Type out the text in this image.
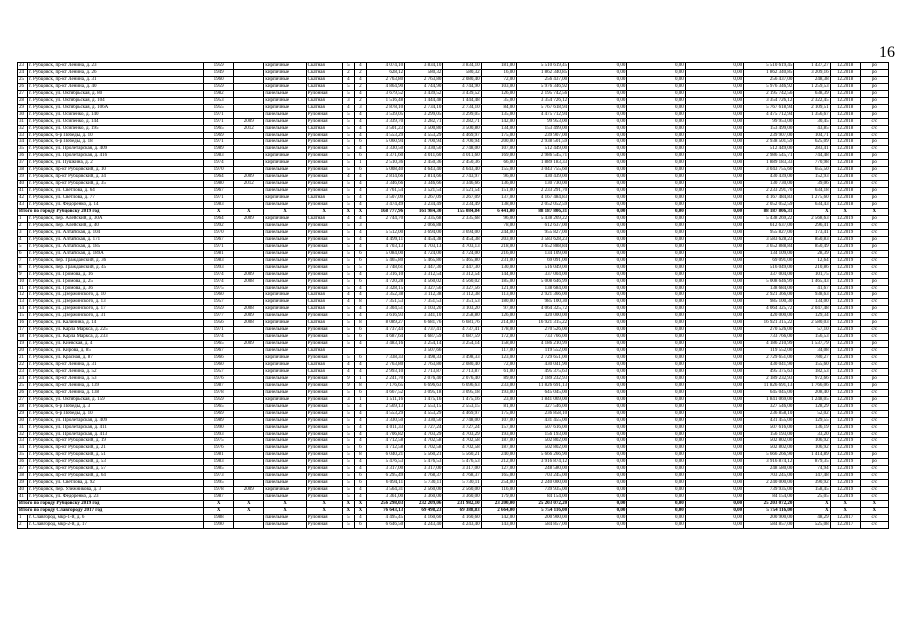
16
23	г. Рубцовск, пр-кт Ленина, д. 23	1959		кирпичные	Скатная	5	4	4 074,10	3 834,10	3 834,10	181,00	5 510 619,45	0,00	0,00	0,00	5 510 619,45	1 437,27	12.2018	ро
24	г. Рубцовск, пр-кт Ленина, д. 26	1949		кирпичные	Скатная	2	2	628,12	580,32	580,32	16,00	1 862 340,85	0,00	0,00	0,00	1 862 340,85	3 209,16	12.2018	ро
25	г. Рубцовск, пр-кт Ленина, д. 31	1960		кирпичные	Скатная	4	4	2 763,80	2 763,80	2 080,40	72,00	256 437,00	0,00	0,00	0,00	256 437,00	248,38	12.2018	ро
26	г. Рубцовск, пр-кт Ленина, д. 40	1959		кирпичные	Скатная	5	2	4 864,90	4 744,90	4 744,90	103,00	5 976 346,92	0,00	0,00	0,00	5 976 346,92	1 259,53	12.2018	ро
27	г. Рубцовск, ул. Октябрьская, д. 80	1982		панельные	Рулонная	5	4	3 679,52	3 439,52	3 439,52	126,00	2 195 742,56	0,00	0,00	0,00	2 195 742,56	638,39	12.2018	ро
28	г. Рубцовск, ул. Октябрьская, д. 104	1953		кирпичные	Скатная	3	2	1 516,48	1 444,48	1 444,48	35,00	3 354 726,12	0,00	0,00	0,00	3 354 726,12	2 322,45	12.2018	ро
29	г. Рубцовск, ул. Октябрьская, д. 106А	1955		кирпичные	Скатная	4	3	2 878,10	2 734,10	2 734,10	84,00	5 767 618,94	0,00	0,00	0,00	5 767 618,94	2 109,51	12.2018	ро
30	г. Рубцовск, ул. Осипенко, д. 140	1971		панельные	Рулонная	5	4	3 539,05	3 299,05	3 299,05	135,00	4 475 712,94	0,00	0,00	0,00	4 475 712,94	1 356,67	12.2018	ро
31	г. Рубцовск, ул. Осипенко, д. 144	1971	2009	панельные	Рулонная	5	4	3 339,70	3 282,71	3 282,71	142,00	99 953,00	0,00	0,00	0,00	99 953,00	30,45	12.2018	с/с
32	г. Рубцовск, ул. Осипенко, д. 195	1965	2012	панельные	Скатная	5	4	3 501,23	3 500,80	3 500,80	134,00	153 499,00	0,00	0,00	0,00	153 499,00	43,85	12.2018	с/с
33	г. Рубцовск, б-р Победы, д. 10	1969		панельные	Рулонная	5	4	4 553,29	4 553,29	4 469,97	175,00	239 907,00	0,00	0,00	0,00	239 907,00	104,71	12.2018	с/с
34	г. Рубцовск, б-р Победы, д. 18	1971		панельные	Рулонная	5	6	5 060,94	4 700,94	4 700,94	200,00	2 938 501,59	0,00	0,00	0,00	2 938 501,59	625,09	12.2018	ро
35	г. Рубцовск, ул. Пролетарская, д. 409	1989		панельные	Рулонная	5	4	3 330,50	3 330,50	2 748,00	107,00	512 449,00	0,00	0,00	0,00	512 449,00	283,41	12.2018	с/с
36	г. Рубцовск, ул. Пролетарская, д. 416	1983		кирпичные	Рулонная	5	6	4 371,60	4 011,60	4 011,60	169,00	2 986 545,71	0,00	0,00	0,00	2 986 545,71	744,48	12.2018	ро
37	г. Рубцовск, ул. Пушкина, д. 2	1974		кирпичные	Рулонная	5	1	2 510,36	2 450,36	2 450,36	66,00	1 889 183,33	0,00	0,00	0,00	1 889 183,33	770,98	12.2018	ро
38	г. Рубцовск, пр-кт Рубцовский, д. 10	1970		панельные	Рулонная	5	6	5 008,40	4 643,40	4 643,40	155,00	3 043 755,60	0,00	0,00	0,00	3 043 755,60	655,50	12.2018	ро
39	г. Рубцовск, пр-кт Рубцовский, д. 34	1964	2009	панельные	Рулонная	4	4	2 814,66	2 814,66	2 743,97	96,00	430 439,00	0,00	0,00	0,00	430 439,00	152,93	12.2018	с/с
40	г. Рубцовск, пр-кт Рубцовский, д. 35	1980	2012	панельные	Рулонная	5	4	3 346,66	3 346,66	3 346,66	136,00	130 730,00	0,00	0,00	0,00	130 730,00	39,06	12.2018	с/с
41	г. Рубцовск, ул. Светлова, д. 64	1967		панельные	Рулонная	5	4	3 761,54	3 521,54	3 521,54	151,00	2 233 291,70	0,00	0,00	0,00	2 233 291,70	634,18	12.2018	ро
42	г. Рубцовск, ул. Светлова, д. 77	1971		кирпичные	Скатная	5	4	3 507,09	3 267,09	3 267,09	137,00	4 167 484,83	0,00	0,00	0,00	4 167 484,83	1 275,60	12.2018	ро
43	г. Рубцовск, ул. Федоренко, д. 14	1983		панельные	Рулонная	5	4	3 474,49	3 234,49	3 234,49	138,00	2 052 052,59	0,00	0,00	0,00	2 052 052,59	634,43	12.2018	ро
Итого по городу Рубцовску 2019 год		X	X	X	X	X	X	168 777,96	161 984,30	155 084,84	6 441,00	88 187 806,31	0,00	0,00	0,00	88 187 806,31	X	X	X
1	г. Рубцовск, пер. Алейский, д. 30А	1964	2009	кирпичные	Скатная	4	4	2 744,70	2 335,68	2 335,68	96,00	5 438 269,22	0,00	0,00	0,00	5 438 269,22	2 568,63	12.2019	ро
2	г. Рубцовск, пер. Алейский, д. 40	1992		панельные	Рулонная	5	3		2 066,88		78,00	612 637,00	0,00	0,00	0,00	612 637,00	296,41	12.2019	с/с
3	г. Рубцовск, ул. Алтайская, д. 104	1970		панельные	Рулонная	5	4	5 512,00	3 694,00	3 694,00	244,00	955 827,00	0,00	0,00	0,00	955 827,00	173,41	12.2019	с/с
4	г. Рубцовск, ул. Алтайская, д. 171	1967		панельные	Рулонная	5	4	4 499,11	4 454,38	4 454,38	203,00	3 583 628,23	0,00	0,00	0,00	3 583 628,23	850,83	12.2019	ро
5	г. Рубцовск, ул. Алтайская, д. 185	1971		панельные	Рулонная	5	4	4 703,13	4 703,13	4 703,13	218,00	3 652 888,84	0,00	0,00	0,00	3 652 888,84	850,49	12.2019	ро
6	г. Рубцовск, ул. Алтайская, д. 189А	1981		панельные	Рулонная	5	6	5 084,00	4 724,00	4 724,00	216,00	134 109,00	0,00	0,00	0,00	134 109,00	28,39	12.2019	с/с
7	г. Рубцовск, пер. Гражданский, д. 36	1983		панельные	Рулонная	5	6	5 465,80	5 465,80	5 465,80	231,00	69 091,00	0,00	0,00	0,00	69 091,00	12,64	12.2019	с/с
8	г. Рубцовск, пер. Гражданский, д. 45	1993		панельные	Рулонная	5	5	3 748,61	2 447,30	2 447,30	130,00	516 049,00	0,00	0,00	0,00	516 049,00	210,86	12.2019	с/с
9	г. Рубцовск, ул. Громова, д. 16	1974	2009	панельные	Рулонная	5	4	3 316,10	3 312,54	3 312,54	144,00	337 004,00	0,00	0,00	0,00	337 004,00	101,75	12.2019	с/с
10	г. Рубцовск, ул. Громова, д. 25	1974	2008	панельные	Рулонная	5	6	4 720,28	4 560,02	4 560,02	185,00	5 008 646,99	0,00	0,00	0,00	5 008 646,99	1 465,43	12.2019	ро
11	г. Рубцовск, ул. Громова, д. 36	1975		панельные	Рулонная	5	4	3 328,15	3 327,56	3 327,56	121,00	138 684,00	0,00	0,00	0,00	138 684,00	41,67	12.2019	с/с
12	г. Рубцовск, ул. Дзержинского, д. 10	1960		кирпичные	Скатная	4	4	3 352,38	3 112,38	3 112,38	113,00	2 921 366,00	0,00	0,00	0,00	2 921 366,00	938,63	12.2019	ро
13	г. Рубцовск, ул. Дзержинского, д. 13	1957		кирпичные	Скатная	4	8	7 351,53	7 351,53	7 351,53	180,00	985 100,30	0,00	0,00	0,00	985 100,30	134,00	12.2019	с/с
14	г. Рубцовск, ул. Дзержинского, д. 17	1959	2008	кирпичные	Скатная	5	4	3 304,51	3 103,20	3 103,20	97,00	4 064 325,72	0,00	0,00	0,00	4 064 325,72	2 047,48	12.2019	ро
15	г. Рубцовск, ул. Дзержинского, д. 31	1977	2009	панельные	Рулонная	5	4	3 616,93	3 341,10	3 258,80	126,00	420 000,00	0,00	0,00	0,00	420 000,00	129,34	12.2019	с/с
16	г. Рубцовск, ул. Калинина, д. 14	1956	2008	кирпичные	Скатная	5	8	8 089,27	6 681,76	6 681,76	214,00	16 921 315,22	0,00	0,00	0,00	16 921 315,22	2 580,03	12.2019	ро
17	г. Рубцовск, ул. Карла Маркса, д. 225	1971		панельные	Рулонная	5	6	4 737,44	4 737,41	4 737,41	178,00	270 526,00	0,00	0,00	0,00	270 526,00	57,10	12.2019	с/с
18	г. Рубцовск, ул. Карла Маркса, д. 233	1974		панельные	Рулонная	5	6	4 687,64	4 687,59	4 687,59	172,00	733 766,00	0,00	0,00	0,00	733 766,00	156,53	12.2019	с/с
19	г. Рубцовск, ул. Киевская, д. 4	1965	2009	панельные	Рулонная	5	4	3 483,16	3 254,14	3 254,14	158,00	4 186 210,99	0,00	0,00	0,00	4 186 210,99	1 537,79	12.2019	ро
20	г. Рубцовск, ул. Кирова, д. 85	1967		панельные	Скатная				3 507,66		117,00	119 552,00	0,00	0,00	0,00	119 552,00	34,08	12.2019	с/с
21	г. Рубцовск, ул. Красная, д. 87	1966		кирпичные	Рулонная	5	6	7 338,33	3 498,33	3 498,33	123,00	2 729 651,00	0,00	0,00	0,00	2 729 651,00	780,27	12.2019	с/с
22	г. Рубцовск, пр-кт Ленина, д. 31	1960		кирпичные	Скатная	4	4	2 763,80	2 763,80	2 080,40	72,00	430 041,90	0,00	0,00	0,00	430 041,90	155,60	12.2019	с/с
23	г. Рубцовск, пр-кт Ленина, д. 52	1957		кирпичные	Скатная	4	4	2 993,10	2 713,87	2 713,87	61,00	495 375,63	0,00	0,00	0,00	495 375,63	182,53	12.2019	с/с
24	г. Рубцовск, пр-кт Ленина, д. 53	1976		панельные	Рулонная	9	1	2 241,70	2 076,40	2 076,40	89,00	2 189 232,93	0,00	0,00	0,00	2 189 232,93	972,66	12.2019	ро
25	г. Рубцовск, пр-кт Ленина, д. 139	1987		панельные	Рулонная	9	8	7 176,65	6 696,63	6 696,63	233,00	11 826 691,13	0,00	0,00	0,00	11 826 691,13	1 766,06	12.2019	ро
26	г. Рубцовск, пр-кт Ленина, д. 138	1978		панельные	Рулонная	5	6	4 667,52	3 095,18	3 095,18	193,00	645 045,00	0,00	0,00	0,00	645 045,00	208,40	12.2019	с/с
27	г. Рубцовск, ул. Октябрьская, д. 159	1959		кирпичные	Рулонная	3	1	1 511,16	1 475,16	1 475,16	23,00	1 841 069,00	0,00	0,00	0,00	1 841 069,00	1 248,05	12.2019	ро
28	г. Рубцовск, б-р Победы, д. 3	1965		панельные	Рулонная	5	4	2 569,13	2 553,15	2 553,15	81,00	327 546,00	0,00	0,00	0,00	327 546,00	128,29	12.2019	с/с
29	г. Рубцовск, б-р Победы, д. 10	1969		панельные	Рулонная	5	4	4 553,29	4 553,29	4 469,97	175,00	236 858,10	0,00	0,00	0,00	236 858,10	52,02	12.2019	с/с
30	г. Рубцовск, ул. Пролетарская, д. 409	1989		панельные	Рулонная	5	4	3 330,50	3 330,50	2 748,00	107,00	431 455,00	0,00	0,00	0,00	431 455,00	129,55	12.2019	с/с
31	г. Рубцовск, ул. Пролетарская, д. 411	1990		панельные	Рулонная	5	4	4 011,33	3 727,24	3 727,24	157,00	507 616,00	0,00	0,00	0,00	507 616,00	136,19	12.2019	с/с
32	г. Рубцовск, ул. Пролетарская, д. 413	1993		панельные	Рулонная	5	4	4 706,82	4 703,29	4 703,29	193,00	156 193,00	0,00	0,00	0,00	156 193,00	33,20	12.2019	с/с
33	г. Рубцовск, пр-кт Рубцовский, д. 19	1975		панельные	Рулонная	5	4	4 712,58	4 702,58	4 702,58	187,00	502 802,00	0,00	0,00	0,00	502 802,00	106,92	12.2019	с/с
34	г. Рубцовск, пр-кт Рубцовский, д. 21	1976		панельные	Рулонная	5	6	4 712,58	4 702,58	4 702,58	187,00	502 802,00	0,00	0,00	0,00	502 802,00	106,92	12.2019	с/с
35	г. Рубцовск, пр-кт Рубцовский, д. 51	1981		панельные	Рулонная	5	8	6 040,21	5 560,21	5 560,21	240,00	5 666 266,90	0,00	0,00	0,00	5 666 266,90	1 414,89	12.2019	ро
36	г. Рубцовск, пр-кт Рубцовский, д. 53	1983		панельные	Рулонная	5	4	5 476,53	5 476,53	5 476,53	212,00	3 916 874,12	0,00	0,00	0,00	3 916 874,12	879,35	12.2019	ро
37	г. Рубцовск, пр-кт Рубцовский, д. 57	1985		панельные	Рулонная	5	4	3 317,00	3 317,00	3 317,00	127,00	248 580,00	0,00	0,00	0,00	248 580,00	74,94	12.2019	с/с
38	г. Рубцовск, пр-кт Рубцовский, д. 64	1973		панельные	Рулонная	5	6	6 295,49	4 768,37	4 768,37	165,00	703 245,00	0,00	0,00	0,00	703 245,00	147,48	12.2019	с/с
39	г. Рубцовск, ул. Светлова, д. 92	1995		панельные	Рулонная	5	6	6 094,11	5 730,11	5 730,11	254,00	2 240 000,00	0,00	0,00	0,00	2 240 000,00	390,92	12.2019	с/с
40	г. Рубцовск, пер. Улежникова, д. 3	1978	2009	кирпичные	Рулонная	5	4	3 564,31	2 560,00	2 560,00	116,00	739 935,00	0,00	0,00	0,00	739 935,00	158,45	12.2019	с/с
41	г. Рубцовск, ул. Федоренко, д. 23	1987		панельные	Рулонная	5	4	3 361,00	3 360,00	3 360,00	179,00	84 154,00	0,00	0,00	0,00	84 154,00	25,05	12.2019	с/с
Итого по городу Рубцовску 2019 год		X	X	X	X	X	X	256 298,03	232 209,06	231 982,10	23 200,00	25 203 072,20	0,00	0,00	0,00	25 203 072,20	X	X	X
Итого по городу Славгороду 2017 год		X	X	X	X	X	X	76 643,13	69 498,23	69 388,83	2 664,00	5 754 116,00	0,00	0,00	0,00	5 754 116,00	X	X	X
1	г. Славгород, мкр-1-й, д. 6	1988		панельные	Рулонная	5	4	4 495,45	4 160,60	4 160,60	142,00	200 900,00	0,00	0,00	0,00	200 900,00	48,29	12.2017	с/с
2	г. Славгород, мкр-2-й, д. 17	1990		панельные	Рулонная	5	6	6 646,50	4 243,40	4 243,40	143,00	584 857,00	0,00	0,00	0,00	584 857,00	525,08	12.2017	с/с
